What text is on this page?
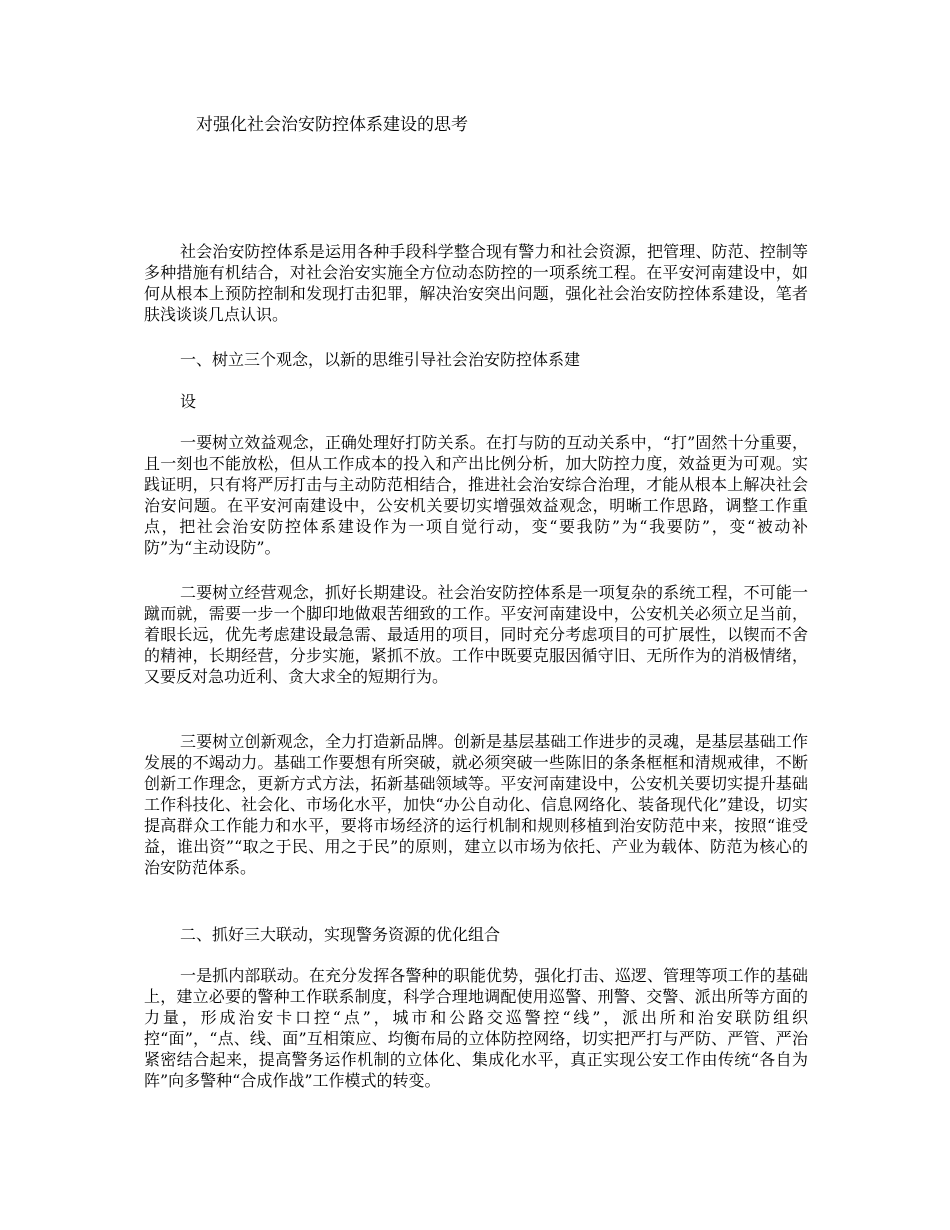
对强化社会治安防控体系建设的思考

社会治安防控体系是运用各种手段科学整合现有警力和社会资源，把管理、防范、控制等多种措施有机结合，对社会治安实施全方位动态防控的一项系统工程。在平安河南建设中，如何从根本上预防控制和发现打击犯罪，解决治安突出问题，强化社会治安防控体系建设，笔者肤浅谈谈几点认识。

一、树立三个观念，以新的思维引导社会治安防控体系建

设

一要树立效益观念，正确处理好打防关系。在打与防的互动关系中，“打”固然十分重要，且一刻也不能放松，但从工作成本的投入和产出比例分析，加大防控力度，效益更为可观。实践证明，只有将严厉打击与主动防范相结合，推进社会治安综合治理，才能从根本上解决社会治安问题。在平安河南建设中，公安机关要切实增强效益观念，明晰工作思路，调整工作重点，把社会治安防控体系建设作为一项自觉行动，变“要我防”为“我要防”，变“被动补防”为“主动设防”。

二要树立经营观念，抓好长期建设。社会治安防控体系是一项复杂的系统工程，不可能一蹴而就，需要一步一个脚印地做艰苦细致的工作。平安河南建设中，公安机关必须立足当前，着眼长远，优先考虑建设最急需、最适用的项目，同时充分考虑项目的可扩展性，以锲而不舍的精神，长期经营，分步实施，紧抓不放。工作中既要克服因循守旧、无所作为的消极情绪，又要反对急功近利、贪大求全的短期行为。

三要树立创新观念，全力打造新品牌。创新是基层基础工作进步的灵魂，是基层基础工作发展的不竭动力。基础工作要想有所突破，就必须突破一些陈旧的条条框框和清规戒律，不断创新工作理念，更新方式方法，拓新基础领域等。平安河南建设中，公安机关要切实提升基础工作科技化、社会化、市场化水平，加快“办公自动化、信息网络化、装备现代化”建设，切实提高群众工作能力和水平，要将市场经济的运行机制和规则移植到治安防范中来，按照“谁受益，谁出资”“取之于民、用之于民”的原则，建立以市场为依托、产业为载体、防范为核心的治安防范体系。

二、抓好三大联动，实现警务资源的优化组合

一是抓内部联动。在充分发挥各警种的职能优势，强化打击、巡逻、管理等项工作的基础上，建立必要的警种工作联系制度，科学合理地调配使用巡警、刑警、交警、派出所等方面的力量，形成治安卡口控“点”，城市和公路交巡警控“线”，派出所和治安联防组织控“面”，“点、线、面”互相策应、均衡布局的立体防控网络，切实把严打与严防、严管、严治紧密结合起来，提高警务运作机制的立体化、集成化水平，真正实现公安工作由传统“各自为阵”向多警种“合成作战”工作模式的转变。
